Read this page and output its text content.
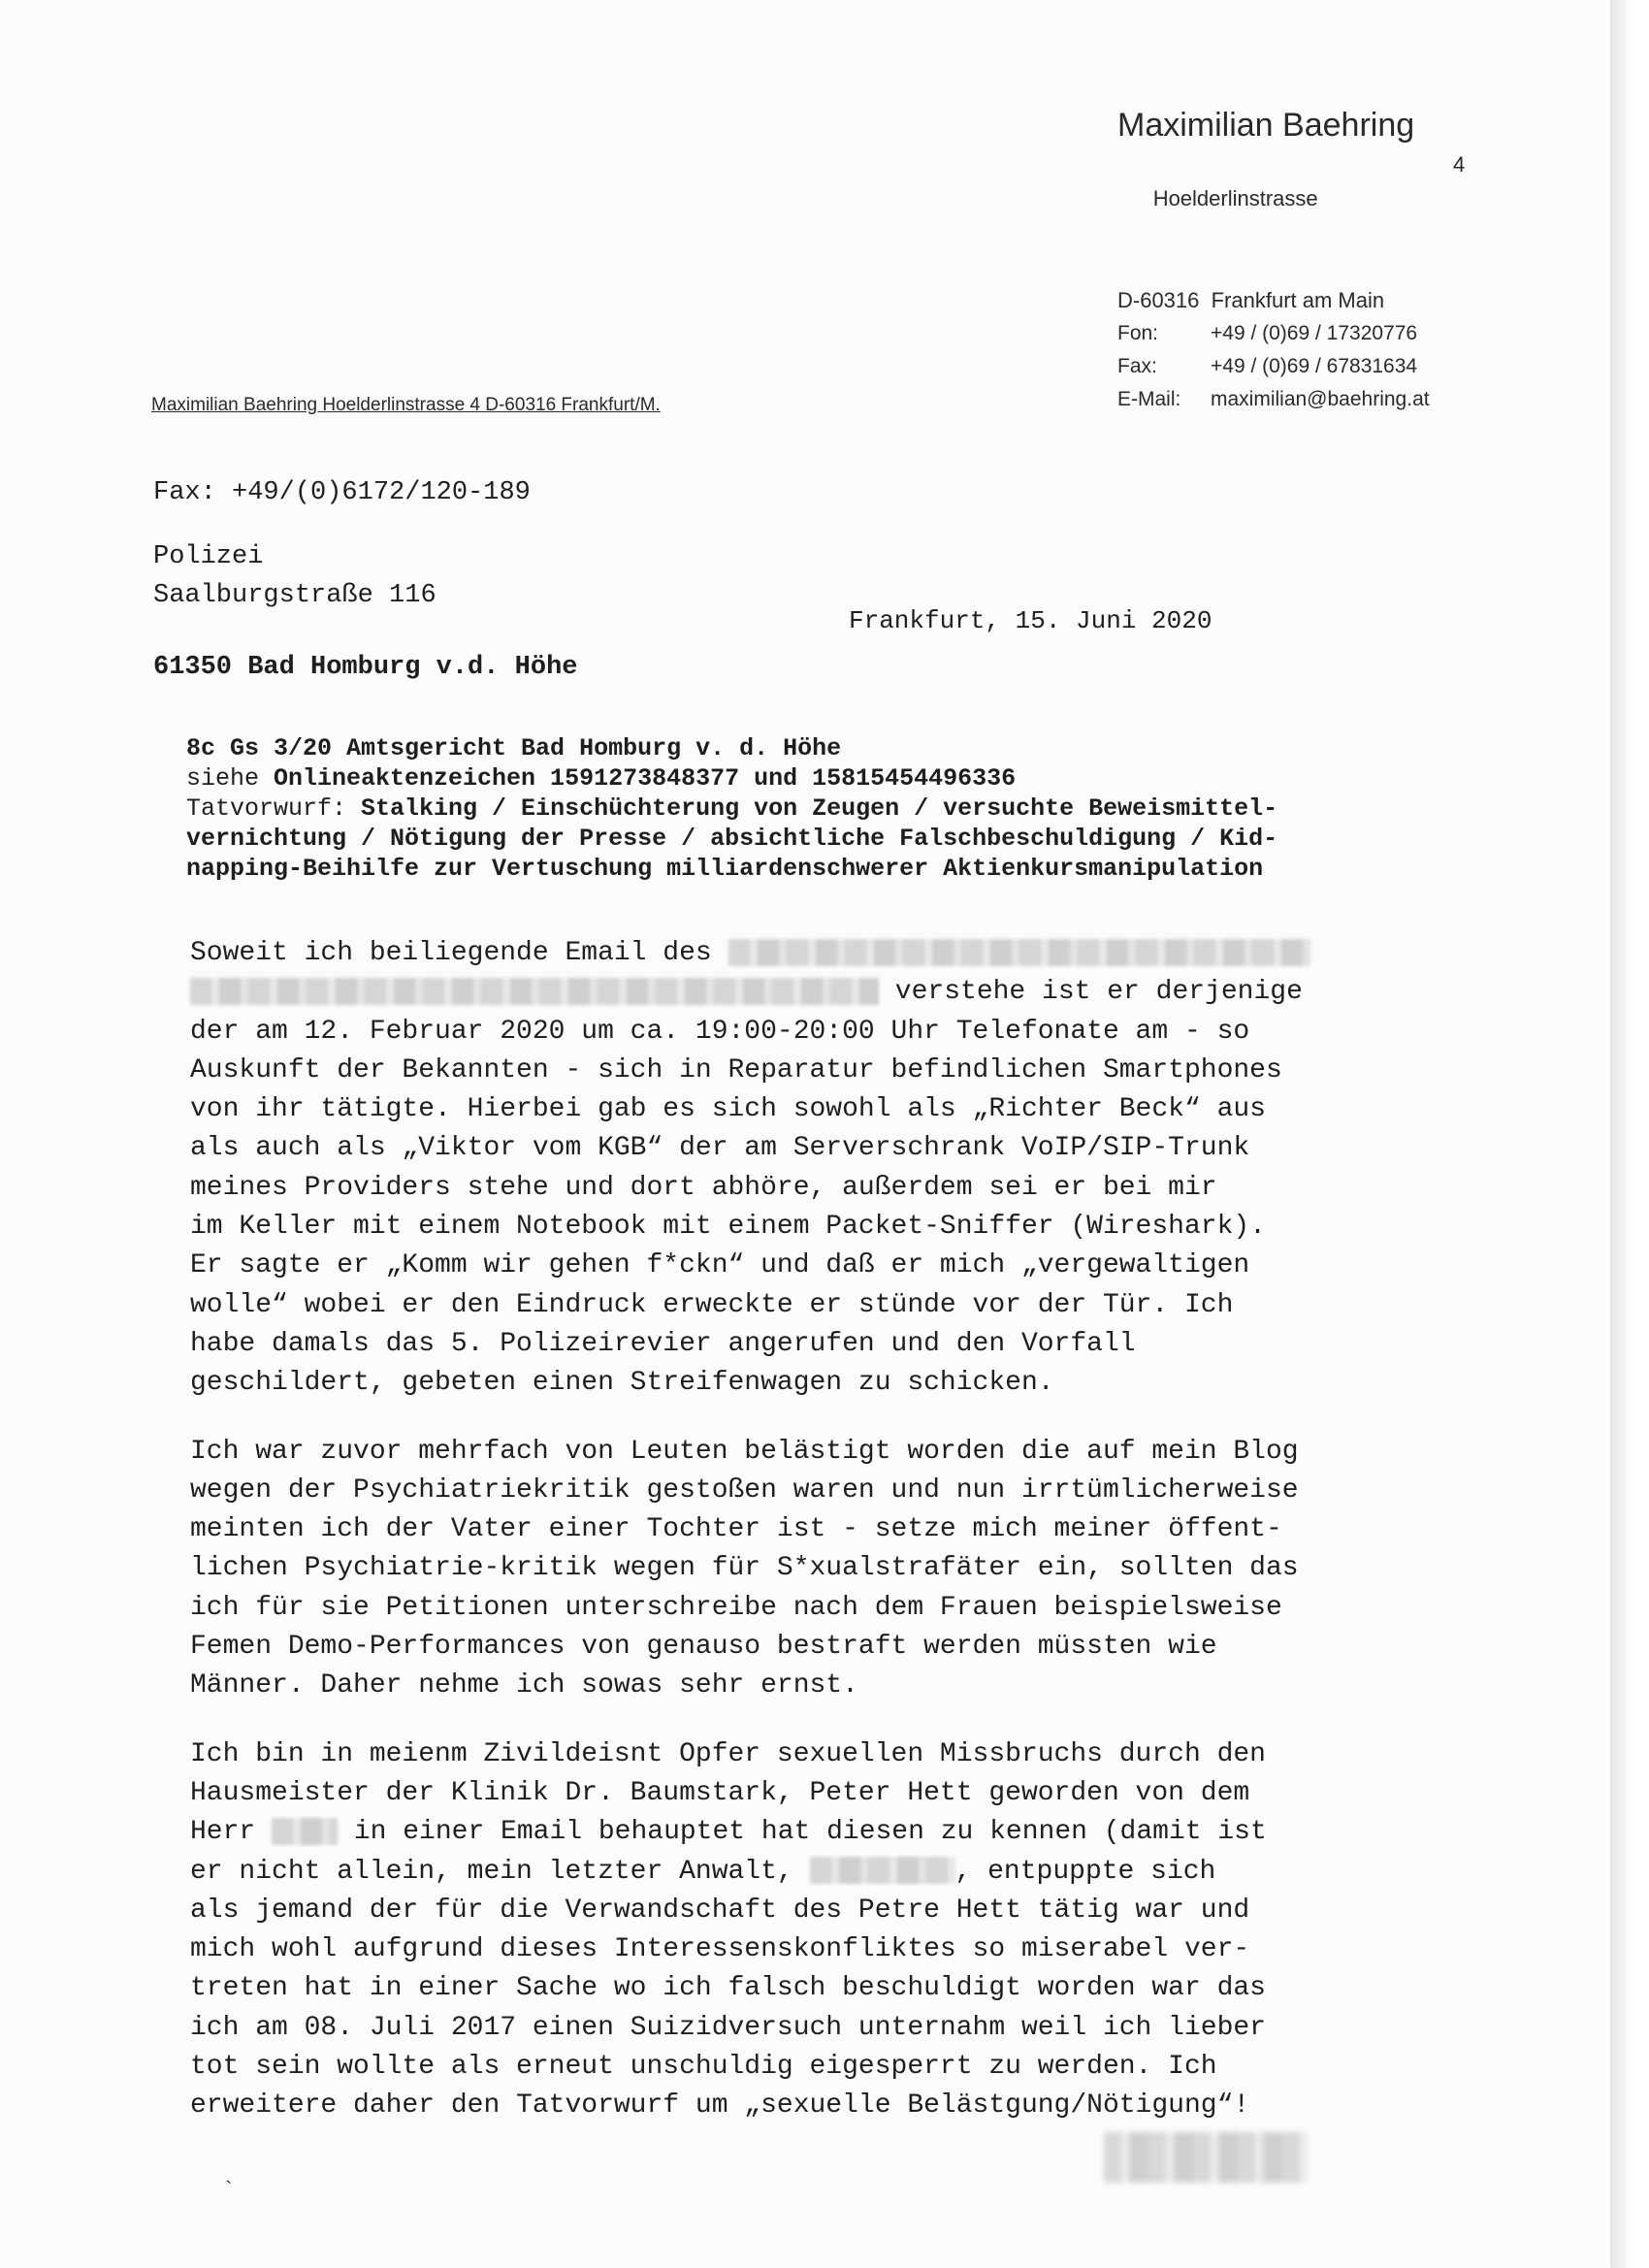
Maximilian Baehring

Hoelderlinstrasse

4

D-60316  Frankfurt am Main
Fon:	+49 / (0)69 / 17320776
Fax:	+49 / (0)69 / 67831634
E-Mail: maximilian@baehring.at
Maximilian Baehring Hoelderlinstrasse 4 D-60316 Frankfurt/M.
Fax: +49/(0)6172/120-189
Polizei
Saalburgstraße 116
Frankfurt, 15. Juni 2020
61350 Bad Homburg v.d. Höhe
8c Gs 3/20 Amtsgericht Bad Homburg v. d. Höhe
siehe Onlineaktenzeichen 1591273848377 und 15815454496336
Tatvorwurf: Stalking / Einschüchterung von Zeugen / versuchte Beweismittel-
vernichtung / Nötigung der Presse / absichtliche Falschbeschuldigung / Kid-
napping-Beihilfe zur Vertuschung milliardenschwerer Aktienkursmanipulation
Soweit ich beiliegende Email des
verstehe ist er derjenige
der am 12. Februar 2020 um ca. 19:00-20:00 Uhr Telefonate am - so
Auskunft der Bekannten - sich in Reparatur befindlichen Smartphones
von ihr tätigte. Hierbei gab es sich sowohl als „Richter Beck“ aus
als auch als „Viktor vom KGB“ der am Serverschrank VoIP/SIP-Trunk
meines Providers stehe und dort abhöre, außerdem sei er bei mir
im Keller mit einem Notebook mit einem Packet-Sniffer (Wireshark).
Er sagte er „Komm wir gehen f*ckn“ und daß er mich „vergewaltigen
wolle“ wobei er den Eindruck erweckte er stünde vor der Tür. Ich
habe damals das 5. Polizeirevier angerufen und den Vorfall
geschildert, gebeten einen Streifenwagen zu schicken.
Ich war zuvor mehrfach von Leuten belästigt worden die auf mein Blog
wegen der Psychiatriekritik gestoßen waren und nun irrtümlicherweise
meinten ich der Vater einer Tochter ist - setze mich meiner öffent-
lichen Psychiatrie-kritik wegen für S*xualstrafäter ein, sollten das
ich für sie Petitionen unterschreibe nach dem Frauen beispielsweise
Femen Demo-Performances von genauso bestraft werden müssten wie
Männer. Daher nehme ich sowas sehr ernst.
Ich bin in meienm Zivildeisnt Opfer sexuellen Missbruchs durch den
Hausmeister der Klinik Dr. Baumstark, Peter Hett geworden von dem
Herr  in einer Email behauptet hat diesen zu kennen (damit ist
er nicht allein, mein letzter Anwalt,	, entpuppte sich
als jemand der für die Verwandschaft des Petre Hett tätig war und
mich wohl aufgrund dieses Interessenskonfliktes so miserabel ver-
treten hat in einer Sache wo ich falsch beschuldigt worden war das
ich am 08. Juli 2017 einen Suizidversuch unternahm weil ich lieber
tot sein wollte als erneut unschuldig eigesperrt zu werden. Ich
erweitere daher den Tatvorwurf um „sexuelle Belästgung/Nötigung“!
ˎ
